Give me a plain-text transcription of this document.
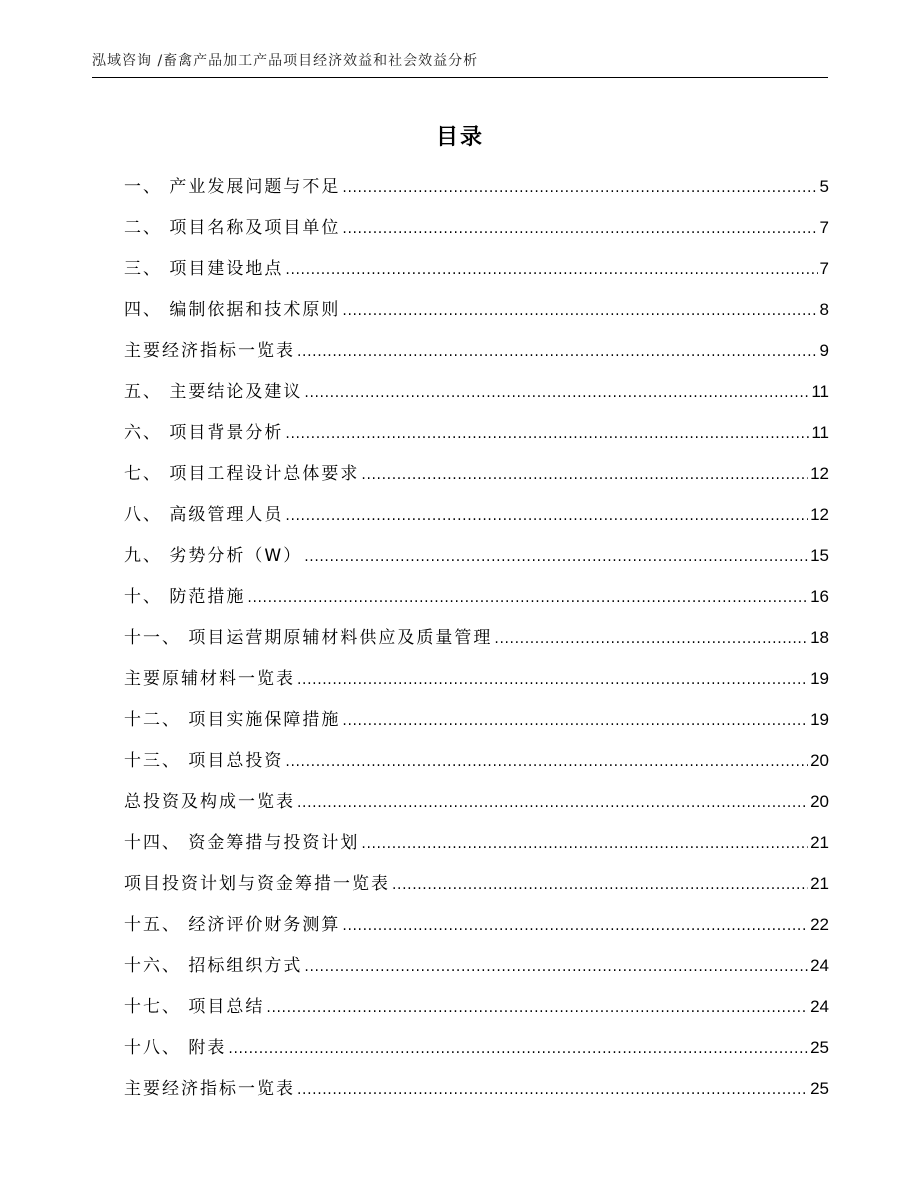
泓域咨询 /畜禽产品加工产品项目经济效益和社会效益分析
目录
一、 产业发展问题与不足 .....	5
二、 项目名称及项目单位 .....	7
三、 项目建设地点 .....	7
四、 编制依据和技术原则 .....	8
主要经济指标一览表 .....	9
五、 主要结论及建议 .....	11
六、 项目背景分析 .....	11
七、 项目工程设计总体要求 .....	12
八、 高级管理人员 .....	12
九、 劣势分析（W） .....	15
十、 防范措施 .....	16
十一、 项目运营期原辅材料供应及质量管理 .....	18
主要原辅材料一览表 .....	19
十二、 项目实施保障措施 .....	19
十三、 项目总投资 .....	20
总投资及构成一览表 .....	20
十四、 资金筹措与投资计划 .....	21
项目投资计划与资金筹措一览表 .....	21
十五、 经济评价财务测算 .....	22
十六、 招标组织方式 .....	24
十七、 项目总结 .....	24
十八、 附表 .....	25
主要经济指标一览表 .....	25
